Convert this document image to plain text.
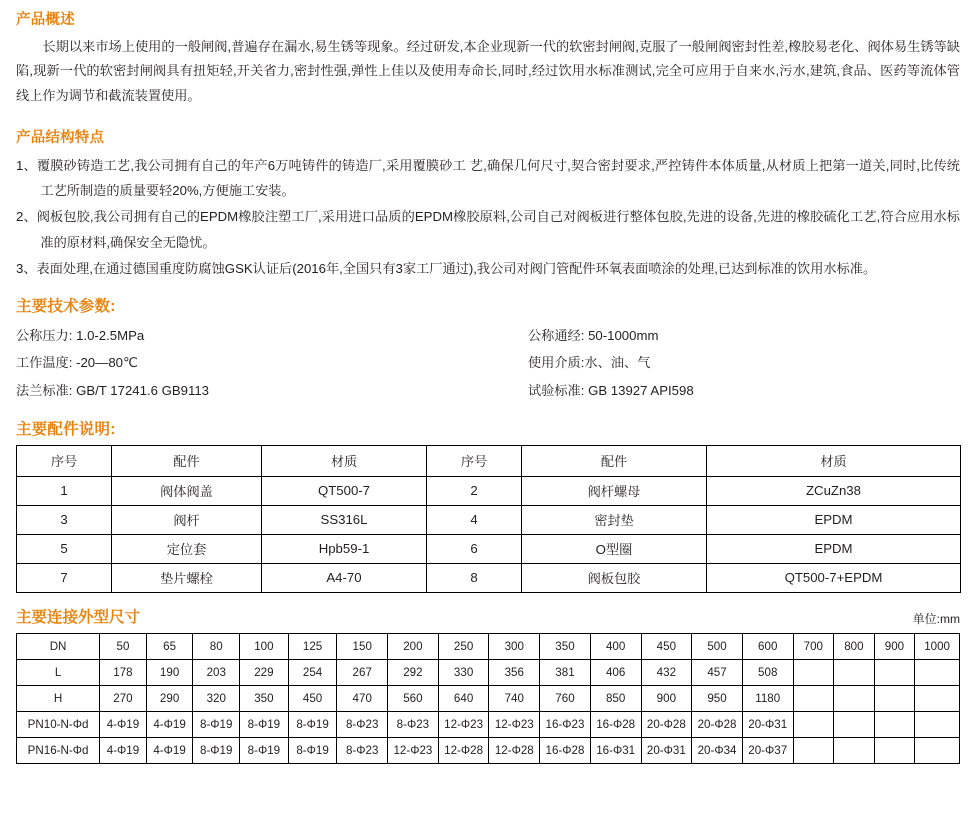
产品概述

长期以来市场上使用的一般闸阀,普遍存在漏水,易生锈等现象。经过研发,本企业现新一代的软密封闸阀,克服了一般闸阀密封性差,橡胶易老化、阀体易生锈等缺陷,现新一代的软密封闸阀具有扭矩轻,开关省力,密封性强,弹性上佳以及使用寿命长,同时,经过饮用水标准测试,完全可应用于自来水,污水,建筑,食品、医药等流体管线上作为调节和截流装置使用。

产品结构特点
1、覆膜砂铸造工艺,我公司拥有自己的年产6万吨铸件的铸造厂,采用覆膜砂工 艺,确保几何尺寸,契合密封要求,严控铸件本体质量,从材质上把第一道关,同时,比传统工艺所制造的质量要轻20%,方便施工安装。
2、阀板包胶,我公司拥有自己的EPDM橡胶注塑工厂,采用进口品质的EPDM橡胶原料,公司自己对阀板进行整体包胶,先进的设备,先进的橡胶硫化工艺,符合应用水标准的原材料,确保安全无隐忧。
3、表面处理,在通过德国重度防腐蚀GSK认证后(2016年,全国只有3家工厂通过),我公司对阀门管配件环氧表面喷涂的处理,已达到标准的饮用水标准。
主要技术参数:
公称压力: 1.0-2.5MPa
工作温度: -20—80℃
法兰标准: GB/T 17241.6 GB9113
公称通经: 50-1000mm
使用介质:水、油、气
试验标准: GB 13927 API598
主要配件说明:
序号	配件	材质	序号	配件	材质
1	阀体阀盖	QT500-7	2	阀杆螺母	ZCuZn38
3	阀杆	SS316L	4	密封垫	EPDM
5	定位套	Hpb59-1	6	O型圈	EPDM
7	垫片螺栓	A4-70	8	阀板包胶	QT500-7+EPDM
主要连接外型尺寸	单位:mm
DN	50	65	80	100	125	150	200	250	300	350	400	450	500	600	700	800	900	1000
L	178	190	203	229	254	267	292	330	356	381	406	432	457	508				
H	270	290	320	350	450	470	560	640	740	760	850	900	950	1180				
PN10-N-Φd	4-Φ19	4-Φ19	8-Φ19	8-Φ19	8-Φ19	8-Φ23	8-Φ23	12-Φ23	12-Φ23	16-Φ23	16-Φ28	20-Φ28	20-Φ28	20-Φ31				
PN16-N-Φd	4-Φ19	4-Φ19	8-Φ19	8-Φ19	8-Φ19	8-Φ23	12-Φ23	12-Φ28	12-Φ28	16-Φ28	16-Φ31	20-Φ31	20-Φ34	20-Φ37				
